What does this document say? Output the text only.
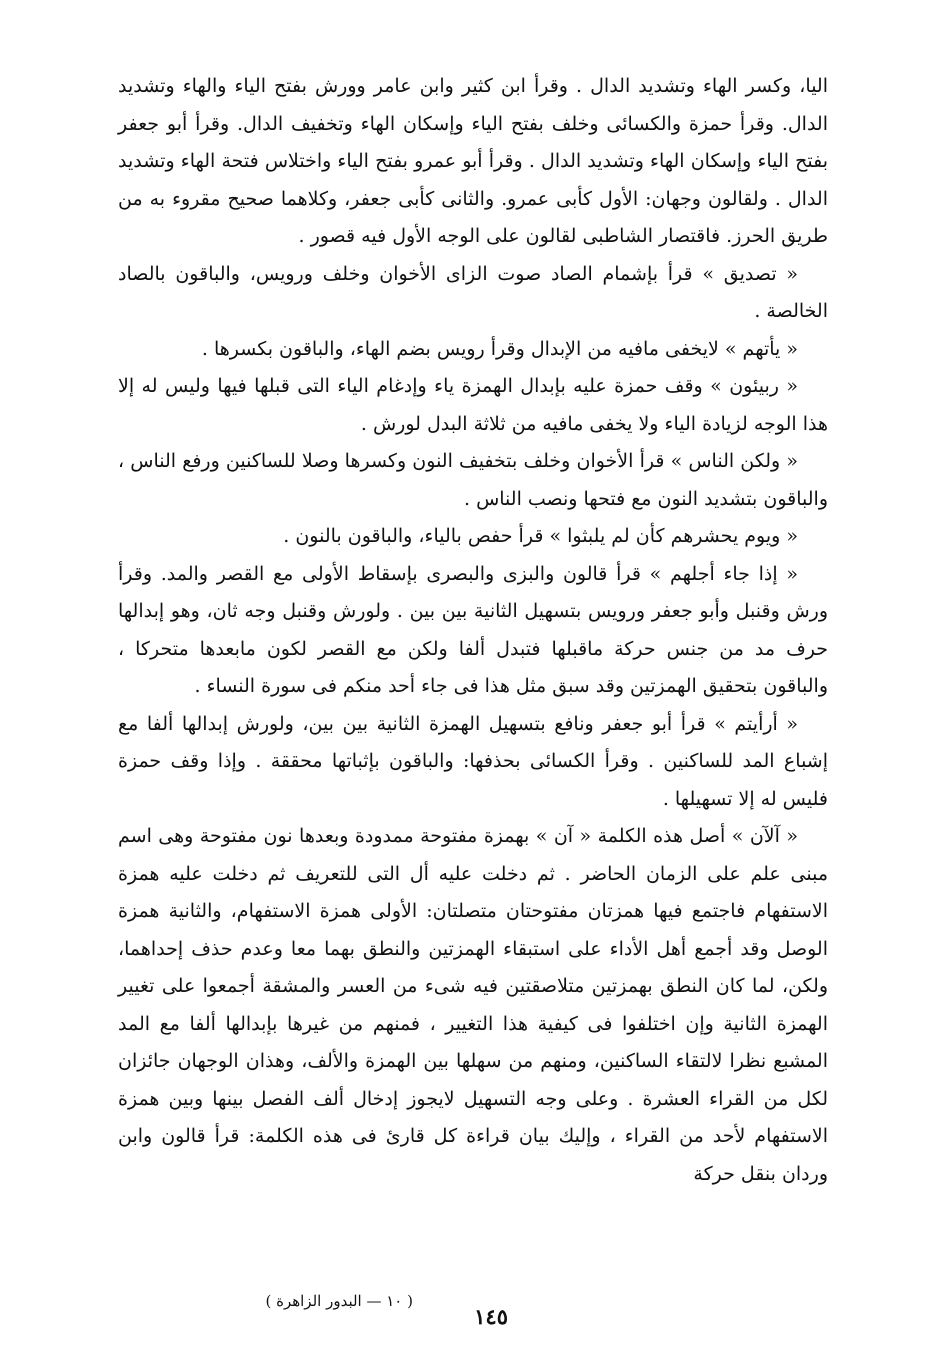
اليا، وكسر الهاء وتشديد الدال . وقرأ ابن كثير وابن عامر وورش بفتح الياء والهاء وتشديد الدال. وقرأ حمزة والكسائى وخلف بفتح الياء وإسكان الهاء وتخفيف الدال. وقرأ أبو جعفر بفتح الياء وإسكان الهاء وتشديد الدال . وقرأ أبو عمرو بفتح الياء واختلاس فتحة الهاء وتشديد الدال . ولقالون وجهان: الأول كأبى عمرو. والثانى كأبى جعفر، وكلاهما صحيح مقروء به من طريق الحرز. فاقتصار الشاطبى لقالون على الوجه الأول فيه قصور .

« تصديق » قرأ بإشمام الصاد صوت الزاى الأخوان وخلف ورويس، والباقون بالصاد الخالصة .

« يأتهم » لايخفى مافيه من الإبدال وقرأ رويس بضم الهاء، والباقون بكسرها .

« ربيئون » وقف حمزة عليه بإبدال الهمزة ياء وإدغام الياء التى قبلها فيها وليس له إلا هذا الوجه لزيادة الياء ولا يخفى مافيه من ثلاثة البدل لورش .

« ولكن الناس » قرأ الأخوان وخلف بتخفيف النون وكسرها وصلا للساكنين ورفع الناس ، والباقون بتشديد النون مع فتحها ونصب الناس .

« ويوم يحشرهم كأن لم يلبثوا » قرأ حفص بالياء، والباقون بالنون .

« إذا جاء أجلهم » قرأ قالون والبزى والبصرى بإسقاط الأولى مع القصر والمد. وقرأ ورش وقنبل وأبو جعفر ورويس بتسهيل الثانية بين بين . ولورش وقنبل وجه ثان، وهو إبدالها حرف مد من جنس حركة ماقبلها فتبدل ألفا ولكن مع القصر لكون مابعدها متحركا ، والباقون بتحقيق الهمزتين وقد سبق مثل هذا فى جاء أحد منكم فى سورة النساء .

« أرأيتم » قرأ أبو جعفر ونافع بتسهيل الهمزة الثانية بين بين، ولورش إبدالها ألفا مع إشباع المد للساكنين . وقرأ الكسائى بحذفها: والباقون بإثباتها محققة . وإذا وقف حمزة فليس له إلا تسهيلها .

« آلآن » أصل هذه الكلمة « آن » بهمزة مفتوحة ممدودة وبعدها نون مفتوحة وهى اسم مبنى علم على الزمان الحاضر . ثم دخلت عليه أل التى للتعريف ثم دخلت عليه همزة الاستفهام فاجتمع فيها همزتان مفتوحتان متصلتان: الأولى همزة الاستفهام، والثانية همزة الوصل وقد أجمع أهل الأداء على استبقاء الهمزتين والنطق بهما معا وعدم حذف إحداهما، ولكن، لما كان النطق بهمزتين متلاصقتين فيه شىء من العسر والمشقة أجمعوا على تغيير الهمزة الثانية وإن اختلفوا فى كيفية هذا التغيير ، فمنهم من غيرها بإبدالها ألفا مع المد المشبع نظرا لالتقاء الساكنين، ومنهم من سهلها بين الهمزة والألف، وهذان الوجهان جائزان لكل من القراء العشرة . وعلى وجه التسهيل لايجوز إدخال ألف الفصل بينها وبين همزة الاستفهام لأحد من القراء ، وإليك بيان قراءة كل قارئ فى هذه الكلمة: قرأ قالون وابن وردان بنقل حركة

( ١٠ — البدور الزاهرة )
١٤٥
